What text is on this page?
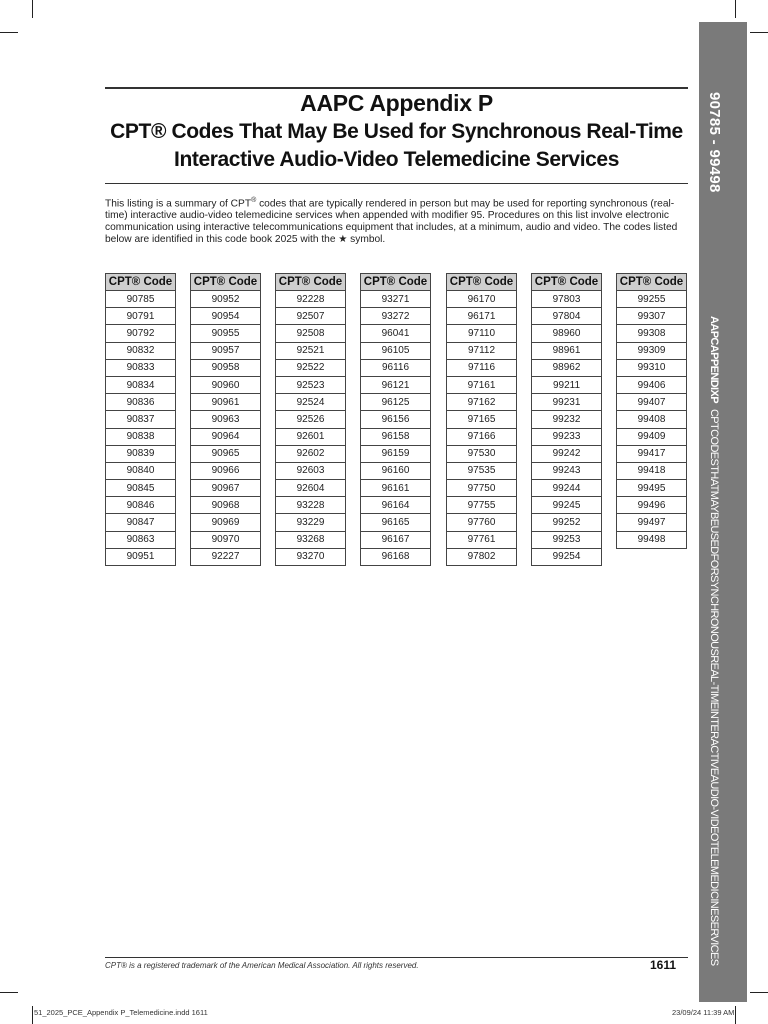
90785 - 99498
AAPCAPPENDIXPCPTCODESTHATMAYBEUSEDFORSYNCHRONOUSREAL-TIMEINTERACTIVEAUDIO-VIDEOTELEMEDICINESERVICES
AAPC Appendix P
CPT® Codes That May Be Used for Synchronous Real-Time
Interactive Audio-Video Telemedicine Services
This listing is a summary of CPT® codes that are typically rendered in person but may be used for reporting synchronous (real-time) interactive audio-video telemedicine services when appended with modifier 95. Procedures on this list involve electronic communication using interactive telecommunications equipment that includes, at a minimum, audio and video. The codes listed below are identified in this code book 2025 with the ★ symbol.
CPT® Code
90785
90791
90792
90832
90833
90834
90836
90837
90838
90839
90840
90845
90846
90847
90863
90951
CPT® Code
90952
90954
90955
90957
90958
90960
90961
90963
90964
90965
90966
90967
90968
90969
90970
92227
CPT® Code
92228
92507
92508
92521
92522
92523
92524
92526
92601
92602
92603
92604
93228
93229
93268
93270
CPT® Code
93271
93272
96041
96105
96116
96121
96125
96156
96158
96159
96160
96161
96164
96165
96167
96168
CPT® Code
96170
96171
97110
97112
97116
97161
97162
97165
97166
97530
97535
97750
97755
97760
97761
97802
CPT® Code
97803
97804
98960
98961
98962
99211
99231
99232
99233
99242
99243
99244
99245
99252
99253
99254
CPT® Code
99255
99307
99308
99309
99310
99406
99407
99408
99409
99417
99418
99495
99496
99497
99498
CPT® is a registered trademark of the American Medical Association. All rights reserved.	1611
51_2025_PCE_Appendix P_Telemedicine.indd 1611	23/09/24 11:39 AM
